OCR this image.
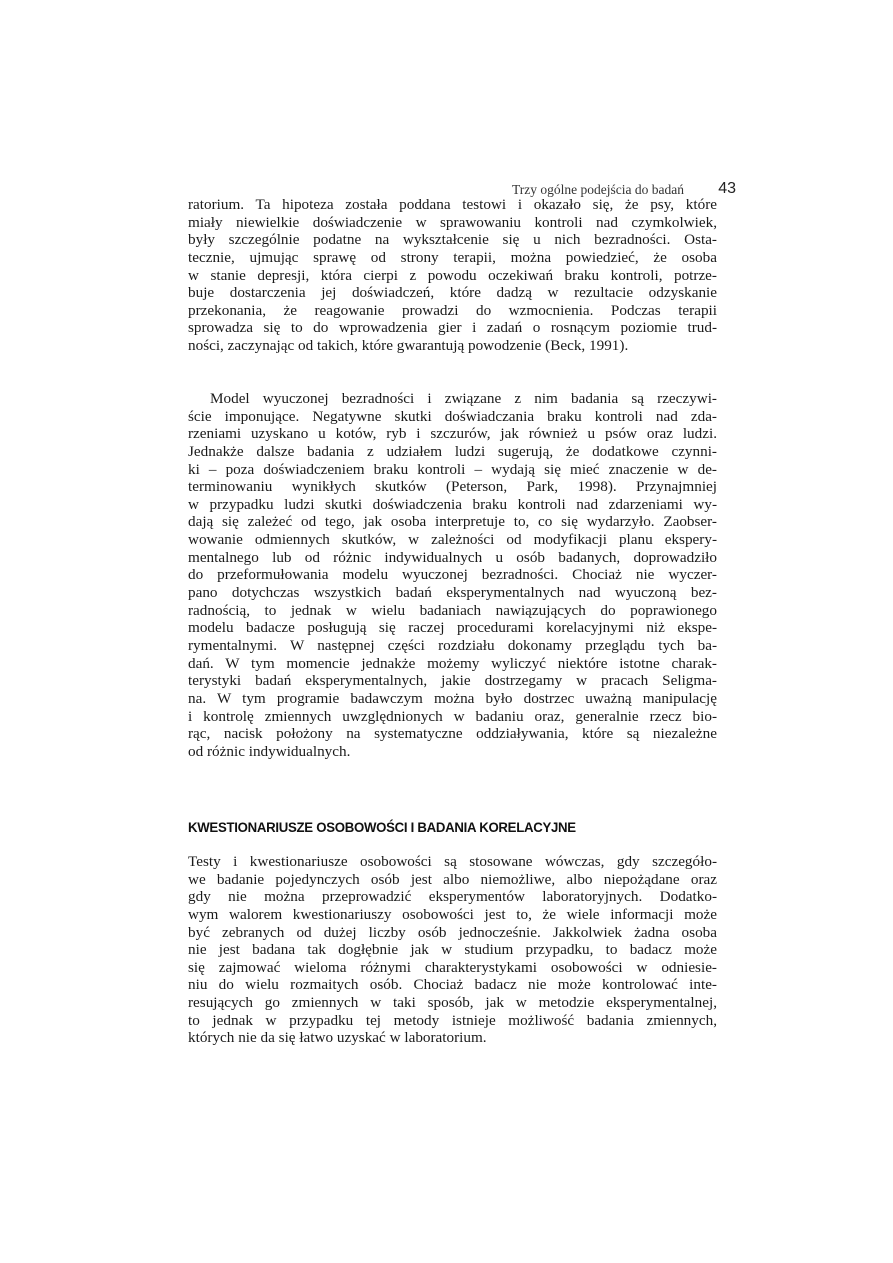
Trzy ogólne podejścia do badań 43
ratorium. Ta hipoteza została poddana testowi i okazało się, że psy, które
miały niewielkie doświadczenie w sprawowaniu kontroli nad czymkolwiek,
były szczególnie podatne na wykształcenie się u nich bezradności. Osta-
tecznie, ujmując sprawę od strony terapii, można powiedzieć, że osoba
w stanie depresji, która cierpi z powodu oczekiwań braku kontroli, potrze-
buje dostarczenia jej doświadczeń, które dadzą w rezultacie odzyskanie
przekonania, że reagowanie prowadzi do wzmocnienia. Podczas terapii
sprowadza się to do wprowadzenia gier i zadań o rosnącym poziomie trud-
ności, zaczynając od takich, które gwarantują powodzenie (Beck, 1991).
Model wyuczonej bezradności i związane z nim badania są rzeczywi-
ście imponujące. Negatywne skutki doświadczania braku kontroli nad zda-
rzeniami uzyskano u kotów, ryb i szczurów, jak również u psów oraz ludzi.
Jednakże dalsze badania z udziałem ludzi sugerują, że dodatkowe czynni-
ki – poza doświadczeniem braku kontroli – wydają się mieć znaczenie w de-
terminowaniu wynikłych skutków (Peterson, Park, 1998). Przynajmniej
w przypadku ludzi skutki doświadczenia braku kontroli nad zdarzeniami wy-
dają się zależeć od tego, jak osoba interpretuje to, co się wydarzyło. Zaobser-
wowanie odmiennych skutków, w zależności od modyfikacji planu ekspery-
mentalnego lub od różnic indywidualnych u osób badanych, doprowadziło
do przeformułowania modelu wyuczonej bezradności. Chociaż nie wyczer-
pano dotychczas wszystkich badań eksperymentalnych nad wyuczoną bez-
radnością, to jednak w wielu badaniach nawiązujących do poprawionego
modelu badacze posługują się raczej procedurami korelacyjnymi niż ekspe-
rymentalnymi. W następnej części rozdziału dokonamy przeglądu tych ba-
dań. W tym momencie jednakże możemy wyliczyć niektóre istotne charak-
terystyki badań eksperymentalnych, jakie dostrzegamy w pracach Seligma-
na. W tym programie badawczym można było dostrzec uważną manipulację
i kontrolę zmiennych uwzględnionych w badaniu oraz, generalnie rzecz bio-
rąc, nacisk położony na systematyczne oddziaływania, które są niezależne
od różnic indywidualnych.
KWESTIONARIUSZE OSOBOWOŚCI I BADANIA KORELACYJNE
Testy i kwestionariusze osobowości są stosowane wówczas, gdy szczegóło-
we badanie pojedynczych osób jest albo niemożliwe, albo niepożądane oraz
gdy nie można przeprowadzić eksperymentów laboratoryjnych. Dodatko-
wym walorem kwestionariuszy osobowości jest to, że wiele informacji może
być zebranych od dużej liczby osób jednocześnie. Jakkolwiek żadna osoba
nie jest badana tak dogłębnie jak w studium przypadku, to badacz może
się zajmować wieloma różnymi charakterystykami osobowości w odniesie-
niu do wielu rozmaitych osób. Chociaż badacz nie może kontrolować inte-
resujących go zmiennych w taki sposób, jak w metodzie eksperymentalnej,
to jednak w przypadku tej metody istnieje możliwość badania zmiennych,
których nie da się łatwo uzyskać w laboratorium.
